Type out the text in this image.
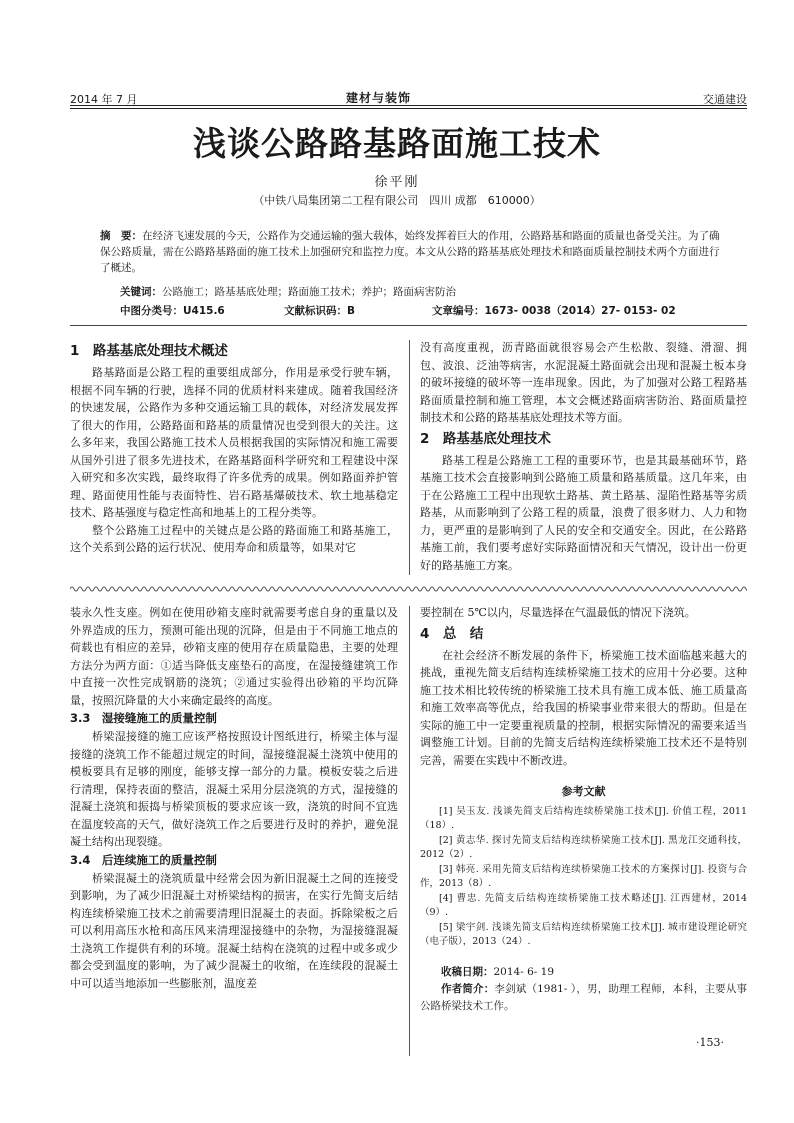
2014 年 7 月	建材与装饰	交通建设
浅谈公路路基路面施工技术
徐平刚
（中铁八局集团第二工程有限公司　四川 成都　610000）
摘　要：在经济飞速发展的今天，公路作为交通运输的强大载体，始终发挥着巨大的作用，公路路基和路面的质量也备受关注。为了确保公路质量，需在公路路基路面的施工技术上加强研究和监控力度。本文从公路的路基基底处理技术和路面质量控制技术两个方面进行了概述。
关键词：公路施工；路基基底处理；路面施工技术；养护；路面病害防治
中图分类号：U415.6	文献标识码：B	文章编号：1673- 0038（2014）27- 0153- 02
1　路基基底处理技术概述

路基路面是公路工程的重要组成部分，作用是承受行驶车辆，根据不同车辆的行驶，选择不同的优质材料来建成。随着我国经济的快速发展，公路作为多种交通运输工具的载体，对经济发展发挥了很大的作用，公路路面和路基的质量情况也受到很大的关注。这么多年来，我国公路施工技术人员根据我国的实际情况和施工需要从国外引进了很多先进技术，在路基路面科学研究和工程建设中深入研究和多次实践，最终取得了许多优秀的成果。例如路面养护管理、路面使用性能与表面特性、岩石路基爆破技术、软土地基稳定技术、路基强度与稳定性高和地基上的工程分类等。

整个公路施工过程中的关键点是公路的路面施工和路基施工，这个关系到公路的运行状况、使用寿命和质量等，如果对它

没有高度重视，沥青路面就很容易会产生松散、裂缝、滑溜、拥包、波浪、泛油等病害，水泥混凝土路面就会出现和混凝土板本身的破坏接缝的破坏等一连串现象。因此，为了加强对公路工程路基路面质量控制和施工管理，本文会概述路面病害防治、路面质量控制技术和公路的路基基底处理技术等方面。

2　路基基底处理技术

路基工程是公路施工工程的重要环节，也是其最基础环节，路基施工技术会直接影响到公路施工质量和路基质量。这几年来，由于在公路施工工程中出现软土路基、黄土路基、湿陷性路基等劣质路基，从而影响到了公路工程的质量，浪费了很多财力、人力和物力，更严重的是影响到了人民的安全和交通安全。因此，在公路路基施工前，我们要考虑好实际路面情况和天气情况，设计出一份更好的路基施工方案。

装永久性支座。例如在使用砂箱支座时就需要考虑自身的重量以及外界造成的压力，预测可能出现的沉降，但是由于不同施工地点的荷载也有相应的差异，砂箱支座的使用存在质量隐患，主要的处理方法分为两方面：①适当降低支座垫石的高度，在湿接缝建筑工作中直接一次性完成钢筋的浇筑；②通过实验得出砂箱的平均沉降量，按照沉降量的大小来确定最终的高度。

3.3　湿接缝施工的质量控制

桥梁湿接缝的施工应该严格按照设计图纸进行，桥梁主体与湿接缝的浇筑工作不能超过规定的时间，湿接缝混凝土浇筑中使用的模板要具有足够的刚度，能够支撑一部分的力量。模板安装之后进行清理，保持表面的整洁，混凝土采用分层浇筑的方式，湿接缝的混凝土浇筑和振捣与桥梁顶板的要求应该一致，浇筑的时间不宜选在温度较高的天气，做好浇筑工作之后要进行及时的养护，避免混凝土结构出现裂缝。

3.4　后连续施工的质量控制

桥梁混凝土的浇筑质量中经常会因为新旧混凝土之间的连接受到影响，为了减少旧混凝土对桥梁结构的损害，在实行先简支后结构连续桥梁施工技术之前需要清理旧混凝土的表面。拆除梁板之后可以利用高压水枪和高压风来清理湿接缝中的杂物，为湿接缝混凝土浇筑工作提供有利的环境。混凝土结构在浇筑的过程中或多或少都会受到温度的影响，为了减少混凝土的收缩，在连续段的混凝土中可以适当地添加一些膨胀剂，温度差

要控制在 5℃以内，尽量选择在气温最低的情况下浇筑。

4　总　结

在社会经济不断发展的条件下，桥梁施工技术面临越来越大的挑战，重视先简支后结构连续桥梁施工技术的应用十分必要。这种施工技术相比较传统的桥梁施工技术具有施工成本低、施工质量高和施工效率高等优点，给我国的桥梁事业带来很大的帮助。但是在实际的施工中一定要重视质量的控制，根据实际情况的需要来适当调整施工计划。目前的先简支后结构连续桥梁施工技术还不是特别完善，需要在实践中不断改进。

参考文献

[1] 吴玉友. 浅谈先简支后结构连续桥梁施工技术[J]. 价值工程，2011（18）.

[2] 黄志华. 探讨先简支后结构连续桥梁施工技术[J]. 黑龙江交通科技，2012（2）.

[3] 韩亮. 采用先简支后结构连续桥梁施工技术的方案探讨[J]. 投资与合作，2013（8）.

[4] 曹忠. 先简支后结构连续桥梁施工技术略述[J]. 江西建材，2014（9）.

[5] 梁宇剑. 浅谈先简支后结构连续桥梁施工技术[J]. 城市建设理论研究（电子版），2013（24）.

收稿日期：2014- 6- 19

作者简介：李剑斌（1981- ），男，助理工程师，本科，主要从事公路桥梁技术工作。

·153·
